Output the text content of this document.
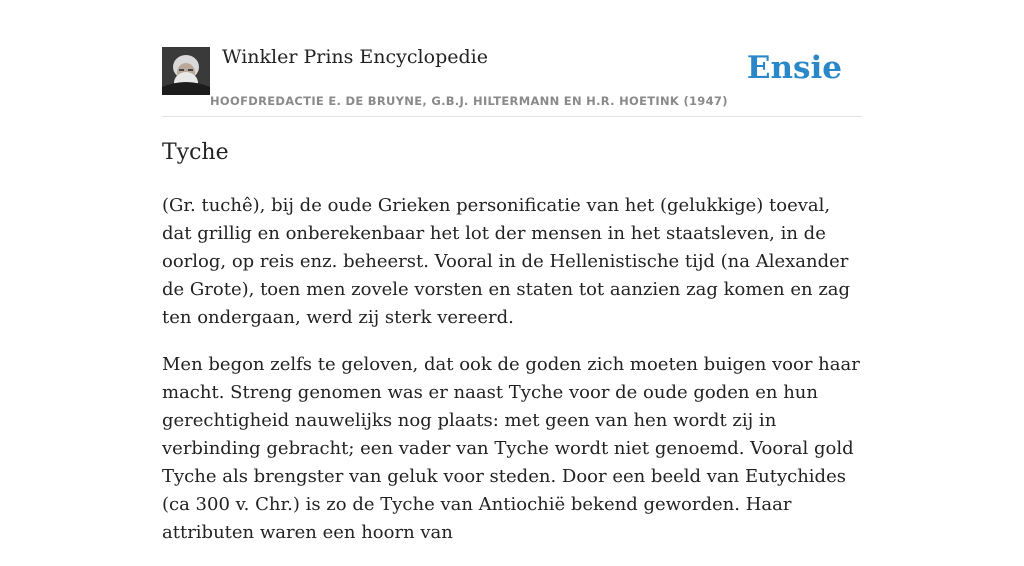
Winkler Prins Encyclopedie
HOOFDREDACTIE E. DE BRUYNE, G.B.J. HILTERMANN EN H.R. HOETINK (1947)
Ensie
Tyche

(Gr. tuchê), bij de oude Grieken personificatie van het (gelukkige) toeval, dat grillig en onberekenbaar het lot der mensen in het staatsleven, in de oorlog, op reis enz. beheerst. Vooral in de Hellenistische tijd (na Alexander de Grote), toen men zovele vorsten en staten tot aanzien zag komen en zag ten ondergaan, werd zij sterk vereerd.

Men begon zelfs te geloven, dat ook de goden zich moeten buigen voor haar macht. Streng genomen was er naast Tyche voor de oude goden en hun gerechtigheid nauwelijks nog plaats: met geen van hen wordt zij in verbinding gebracht; een vader van Tyche wordt niet genoemd. Vooral gold Tyche als brengster van geluk voor steden. Door een beeld van Eutychides (ca 300 v. Chr.) is zo de Tyche van Antiochië bekend geworden. Haar attributen waren een hoorn van
